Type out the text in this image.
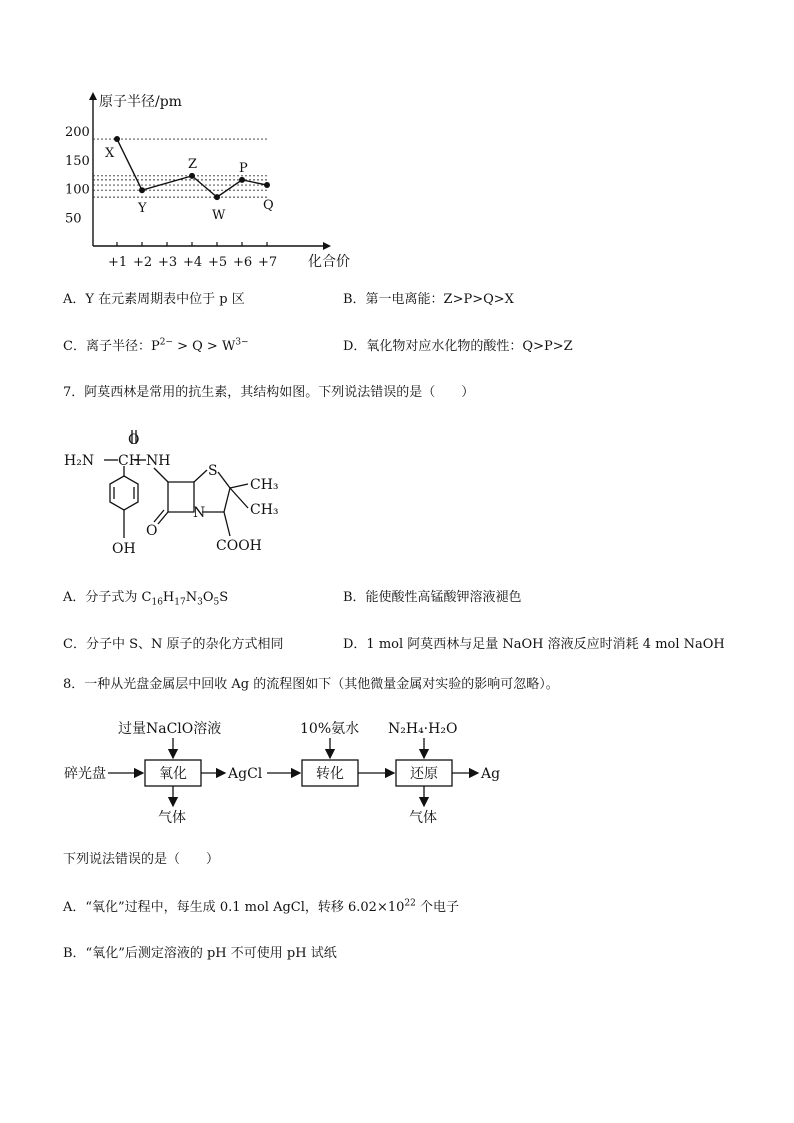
原子半径/pm
200
150
100
50
+1 +2 +3 +4 +5 +6 +7 化合价
X
Y
Z
W
P
Q
A．Y 在元素周期表中位于 p 区	B．第一电离能：Z>P>Q>X
C．离子半径：$P^{2-} > Q > W^{3-}$	D．氧化物对应水化物的酸性：Q>P>Z
7．阿莫西林是常用的抗生素，其结构如图。下列说法错误的是（　　）
H₂N CH
O
NH
S
CH₃
CH₃
N
O
COOH
OH
A．分子式为 $C_{16}H_{17}N_3O_5S$	B．能使酸性高锰酸钾溶液褪色
C．分子中 S、N 原子的杂化方式相同	D．1 mol 阿莫西林与足量 NaOH 溶液反应时消耗 4 mol NaOH
8．一种从光盘金属层中回收 Ag 的流程图如下（其他微量金属对实验的影响可忽略）。
碎光盘
过量NaClO溶液
氧化
气体
AgCl
10%氨水
转化
N₂H₄·H₂O
还原
气体
Ag
下列说法错误的是（　　）
A．“氧化”过程中，每生成 0.1 mol AgCl，转移 $6.02\times 10^{22}$ 个电子
B．“氧化”后测定溶液的 pH 不可使用 pH 试纸
